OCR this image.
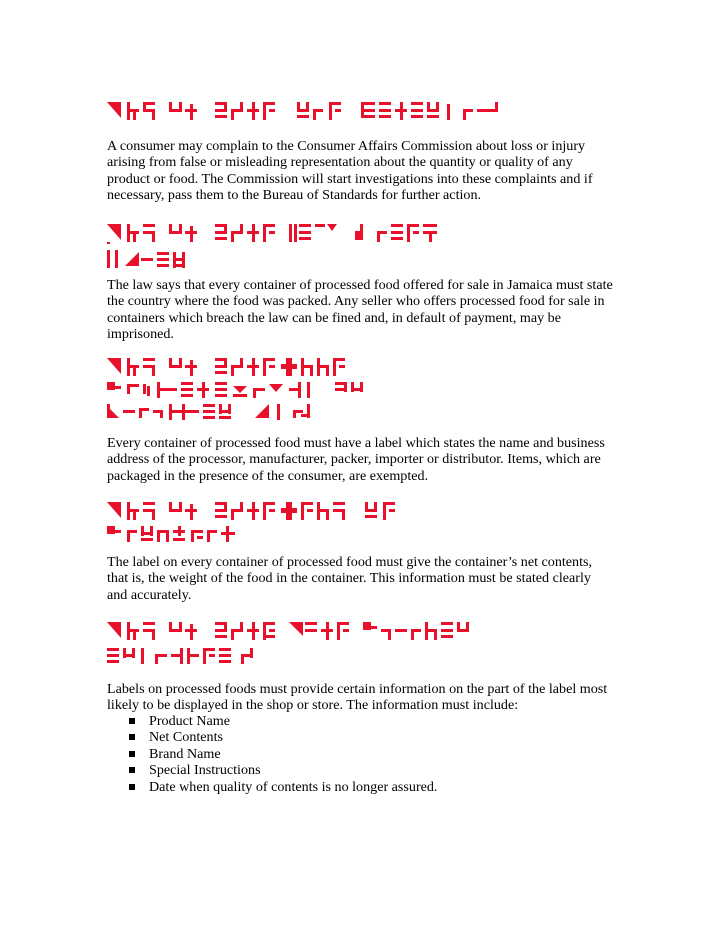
A consumer may complain to the Consumer Affairs Commission about loss or injury
arising from false or misleading representation about the quantity or quality of any
product or food. The Commission will start investigations into these complaints and if
necessary, pass them to the Bureau of Standards for further action.

The law says that every container of processed food offered for sale in Jamaica must state
the country where the food was packed. Any seller who offers processed food for sale in
containers which breach the law can be fined and, in default of payment, may be
imprisoned.

Every container of processed food must have a label which states the name and business
address of the processor, manufacturer, packer, importer or distributor. Items, which are
packaged in the presence of the consumer, are exempted.

The label on every container of processed food must give the container’s net contents,
that is, the weight of the food in the container. This information must be stated clearly
and accurately.

Labels on processed foods must provide certain information on the part of the label most
likely to be displayed in the shop or store. The information must include:

Product Name
Net Contents
Brand Name
Special Instructions
Date when quality of contents is no longer assured.
